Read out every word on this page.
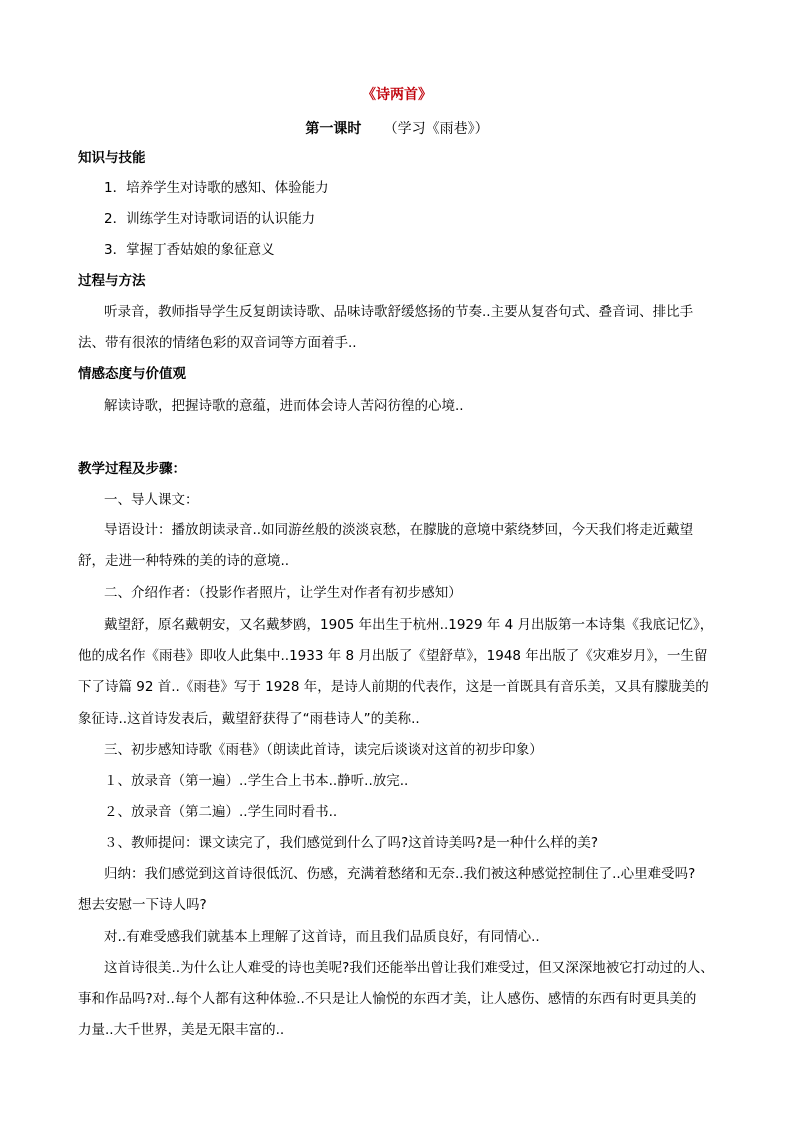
《诗两首》
第一课时 （学习《雨巷》）
知识与技能
1．培养学生对诗歌的感知、体验能力
2．训练学生对诗歌词语的认识能力
3．掌握丁香姑娘的象征意义
过程与方法
听录音，教师指导学生反复朗读诗歌、品味诗歌舒缓悠扬的节奏..主要从复沓句式、叠音词、排比手
法、带有很浓的情绪色彩的双音词等方面着手..
情感态度与价值观
解读诗歌，把握诗歌的意蕴，进而体会诗人苦闷彷徨的心境..
教学过程及步骤：
一、导人课文：
导语设计：播放朗读录音..如同游丝般的淡淡哀愁，在朦胧的意境中萦绕梦回，今天我们将走近戴望
舒，走进一种特殊的美的诗的意境..
二、介绍作者：（投影作者照片，让学生对作者有初步感知）
戴望舒，原名戴朝安，又名戴梦鸥，1905 年出生于杭州..1929 年 4 月出版第一本诗集《我底记忆》，
他的成名作《雨巷》即收人此集中..1933 年 8 月出版了《望舒草》，1948 年出版了《灾难岁月》，一生留
下了诗篇 92 首..《雨巷》写于 1928 年，是诗人前期的代表作，这是一首既具有音乐美，又具有朦胧美的
象征诗..这首诗发表后，戴望舒获得了“雨巷诗人”的美称..
三、初步感知诗歌《雨巷》（朗读此首诗，读完后谈谈对这首的初步印象）
１、放录音（第一遍）..学生合上书本..静听..放完..
２、放录音（第二遍）..学生同时看书..
３、教师提问：课文读完了，我们感觉到什么了吗?这首诗美吗?是一种什么样的美?
归纳：我们感觉到这首诗很低沉、伤感，充满着愁绪和无奈..我们被这种感觉控制住了..心里难受吗?
想去安慰一下诗人吗?
对..有难受感我们就基本上理解了这首诗，而且我们品质良好，有同情心..
这首诗很美..为什么让人难受的诗也美呢?我们还能举出曾让我们难受过，但又深深地被它打动过的人、
事和作品吗?对..每个人都有这种体验..不只是让人愉悦的东西才美，让人感伤、感情的东西有时更具美的
力量..大千世界，美是无限丰富的..
